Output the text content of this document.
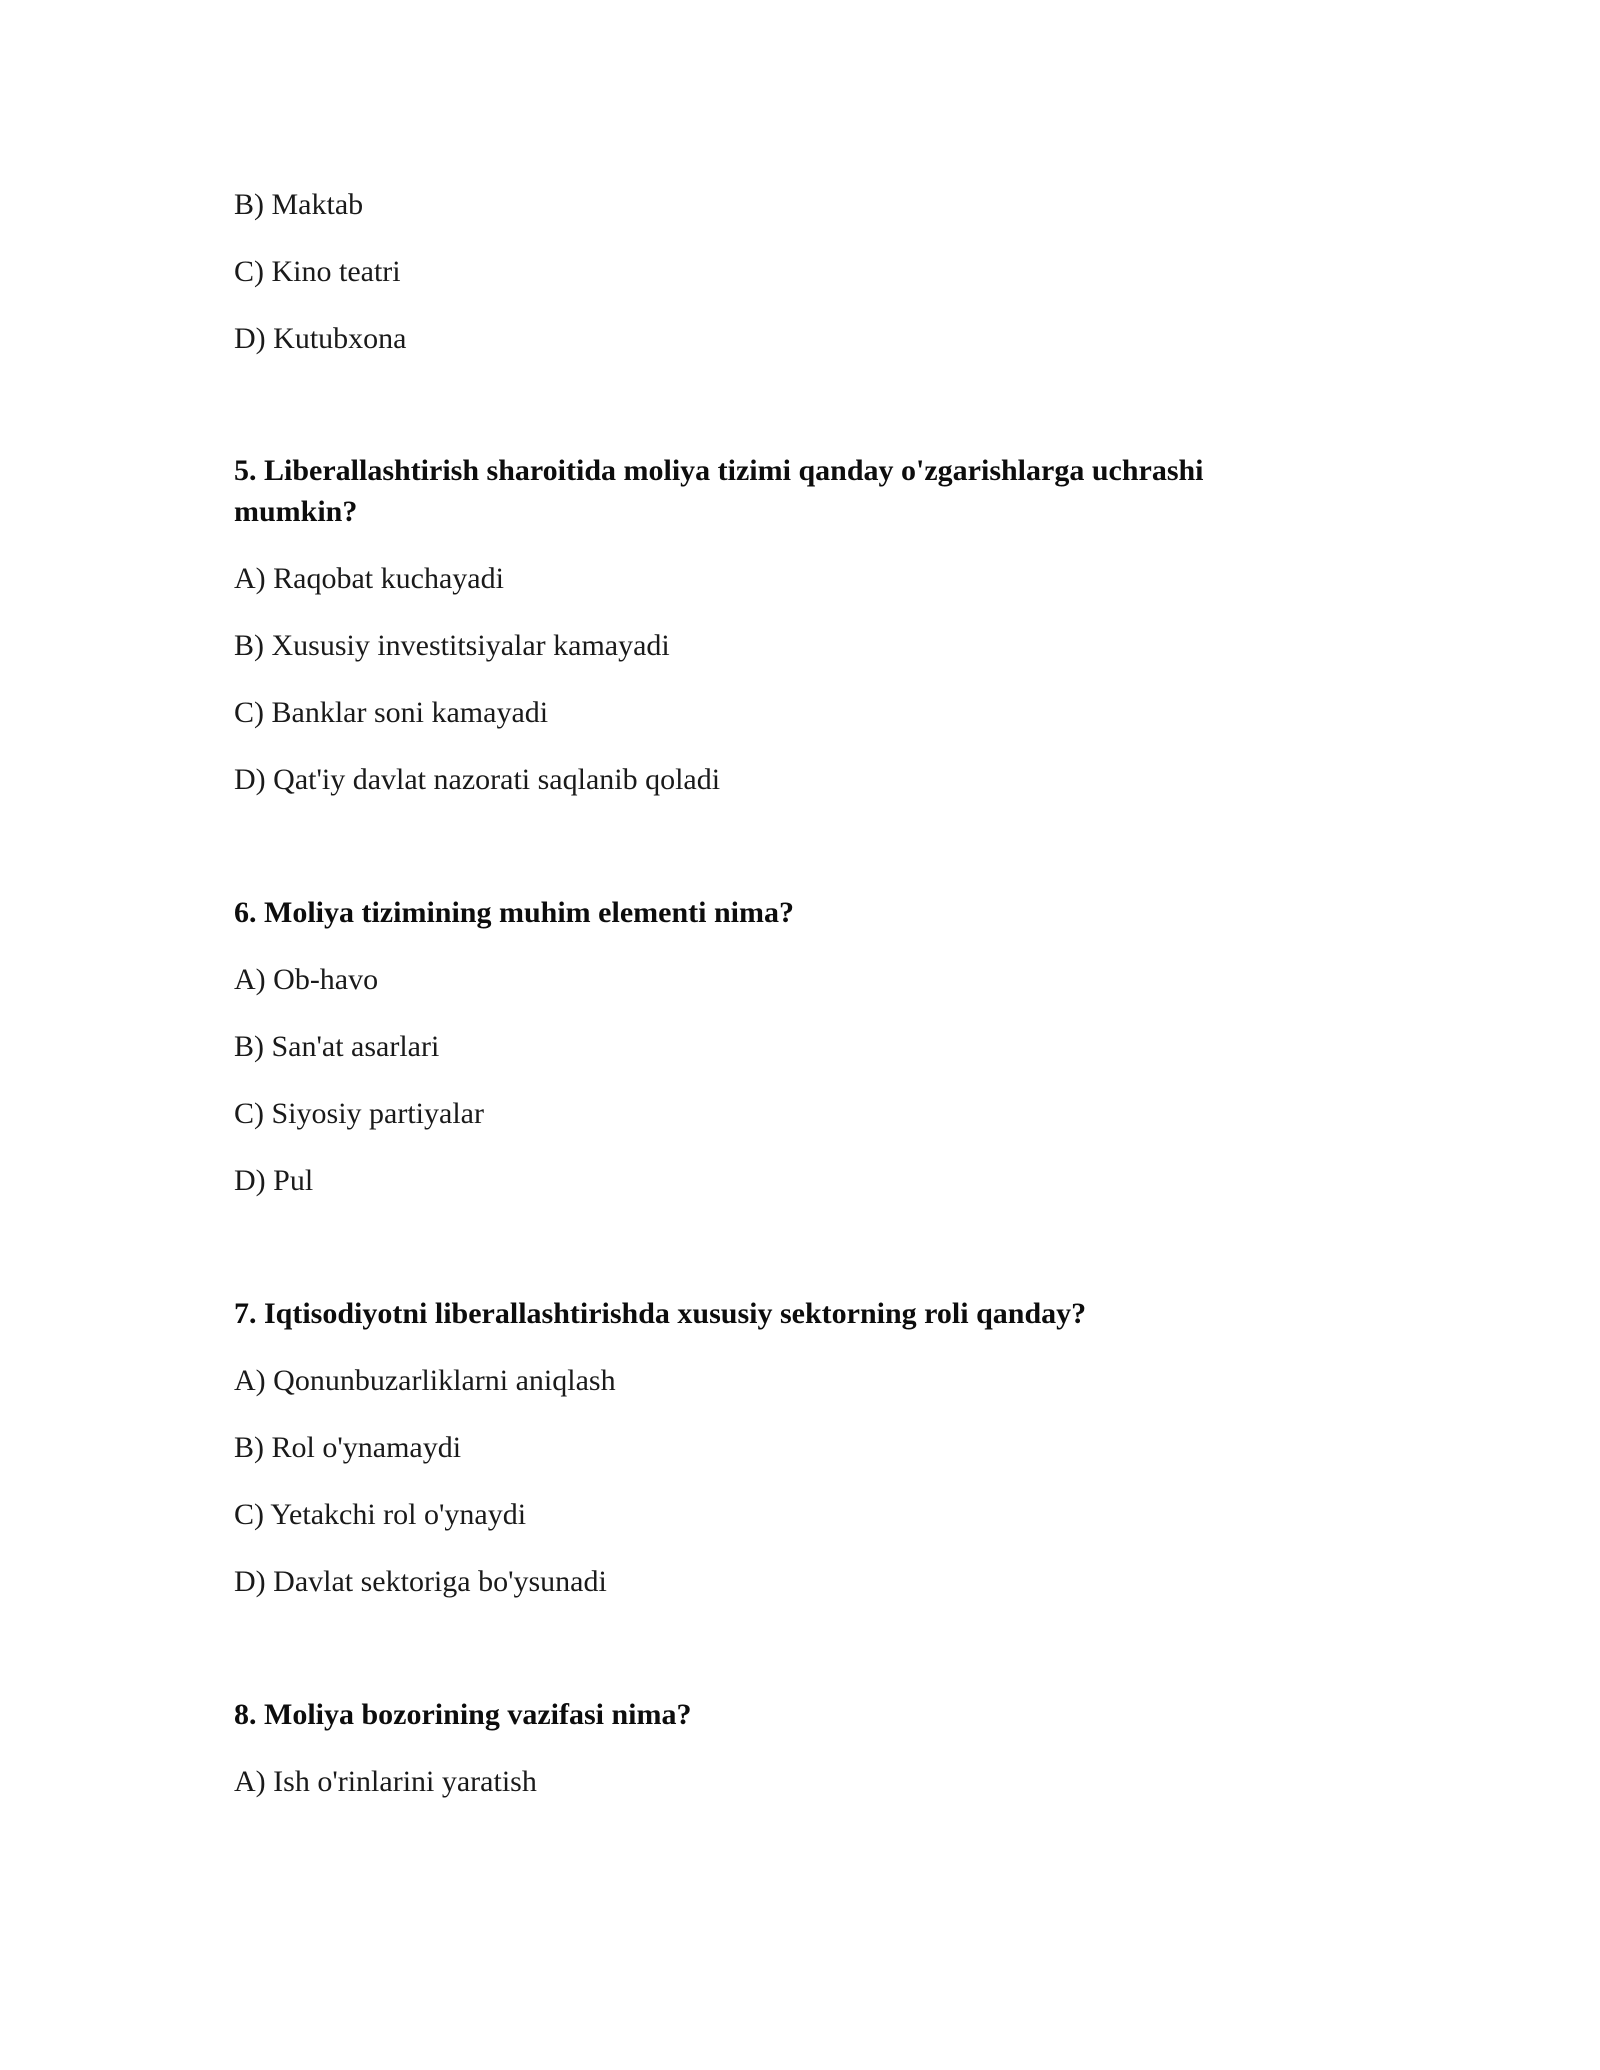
B) Maktab
C) Kino teatri
D) Kutubxona
5. Liberallashtirish sharoitida moliya tizimi qanday o'zgarishlarga uchrashi
mumkin?
A) Raqobat kuchayadi
B) Xususiy investitsiyalar kamayadi
C) Banklar soni kamayadi
D) Qat'iy davlat nazorati saqlanib qoladi
6. Moliya tizimining muhim elementi nima?
A) Ob-havo
B) San'at asarlari
C) Siyosiy partiyalar
D) Pul
7. Iqtisodiyotni liberallashtirishda xususiy sektorning roli qanday?
A) Qonunbuzarliklarni aniqlash
B) Rol o'ynamaydi
C) Yetakchi rol o'ynaydi
D) Davlat sektoriga bo'ysunadi
8. Moliya bozorining vazifasi nima?
A) Ish o'rinlarini yaratish
